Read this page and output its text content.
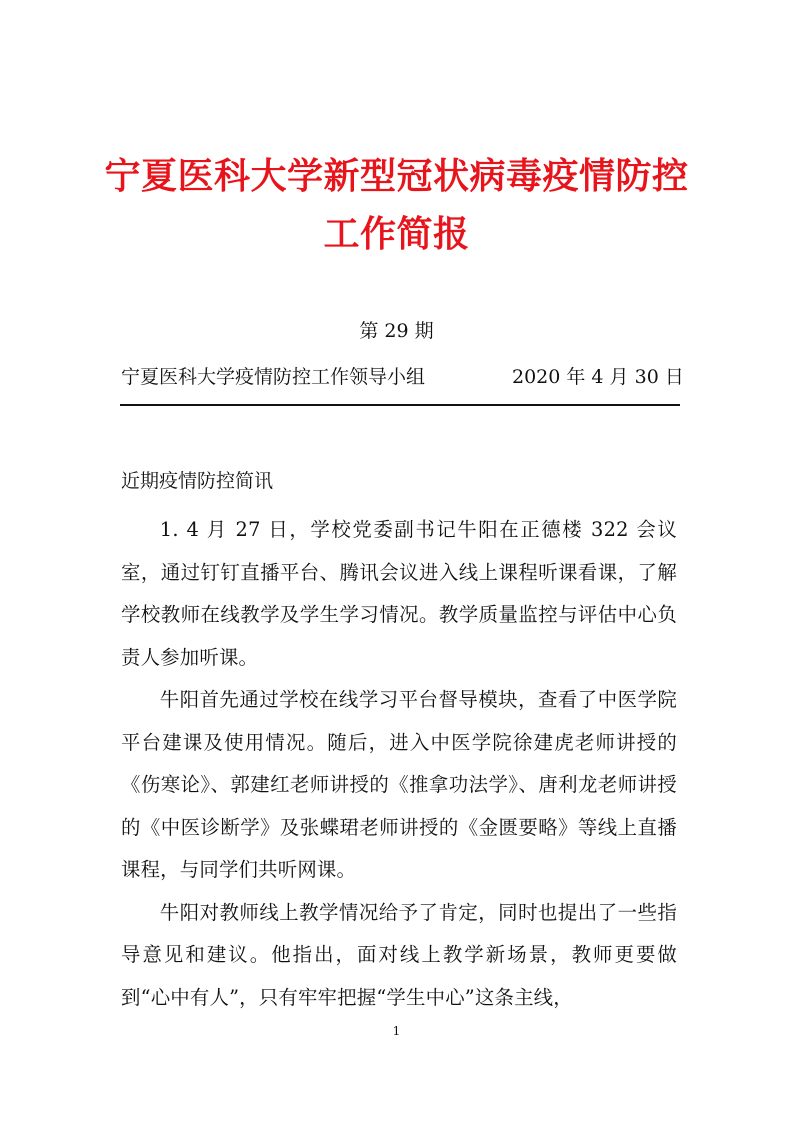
宁夏医科大学新型冠状病毒疫情防控
工作简报
第 29 期
宁夏医科大学疫情防控工作领导小组	2020 年 4 月 30 日
近期疫情防控简讯

1. 4 月 27 日，学校党委副书记牛阳在正德楼 322 会议室，通过钉钉直播平台、腾讯会议进入线上课程听课看课，了解学校教师在线教学及学生学习情况。教学质量监控与评估中心负责人参加听课。

牛阳首先通过学校在线学习平台督导模块，查看了中医学院平台建课及使用情况。随后，进入中医学院徐建虎老师讲授的《伤寒论》、郭建红老师讲授的《推拿功法学》、唐利龙老师讲授的《中医诊断学》及张蝶珺老师讲授的《金匮要略》等线上直播课程，与同学们共听网课。

牛阳对教师线上教学情况给予了肯定，同时也提出了一些指导意见和建议。他指出，面对线上教学新场景，教师更要做到“心中有人”，只有牢牢把握“学生中心”这条主线，

1
